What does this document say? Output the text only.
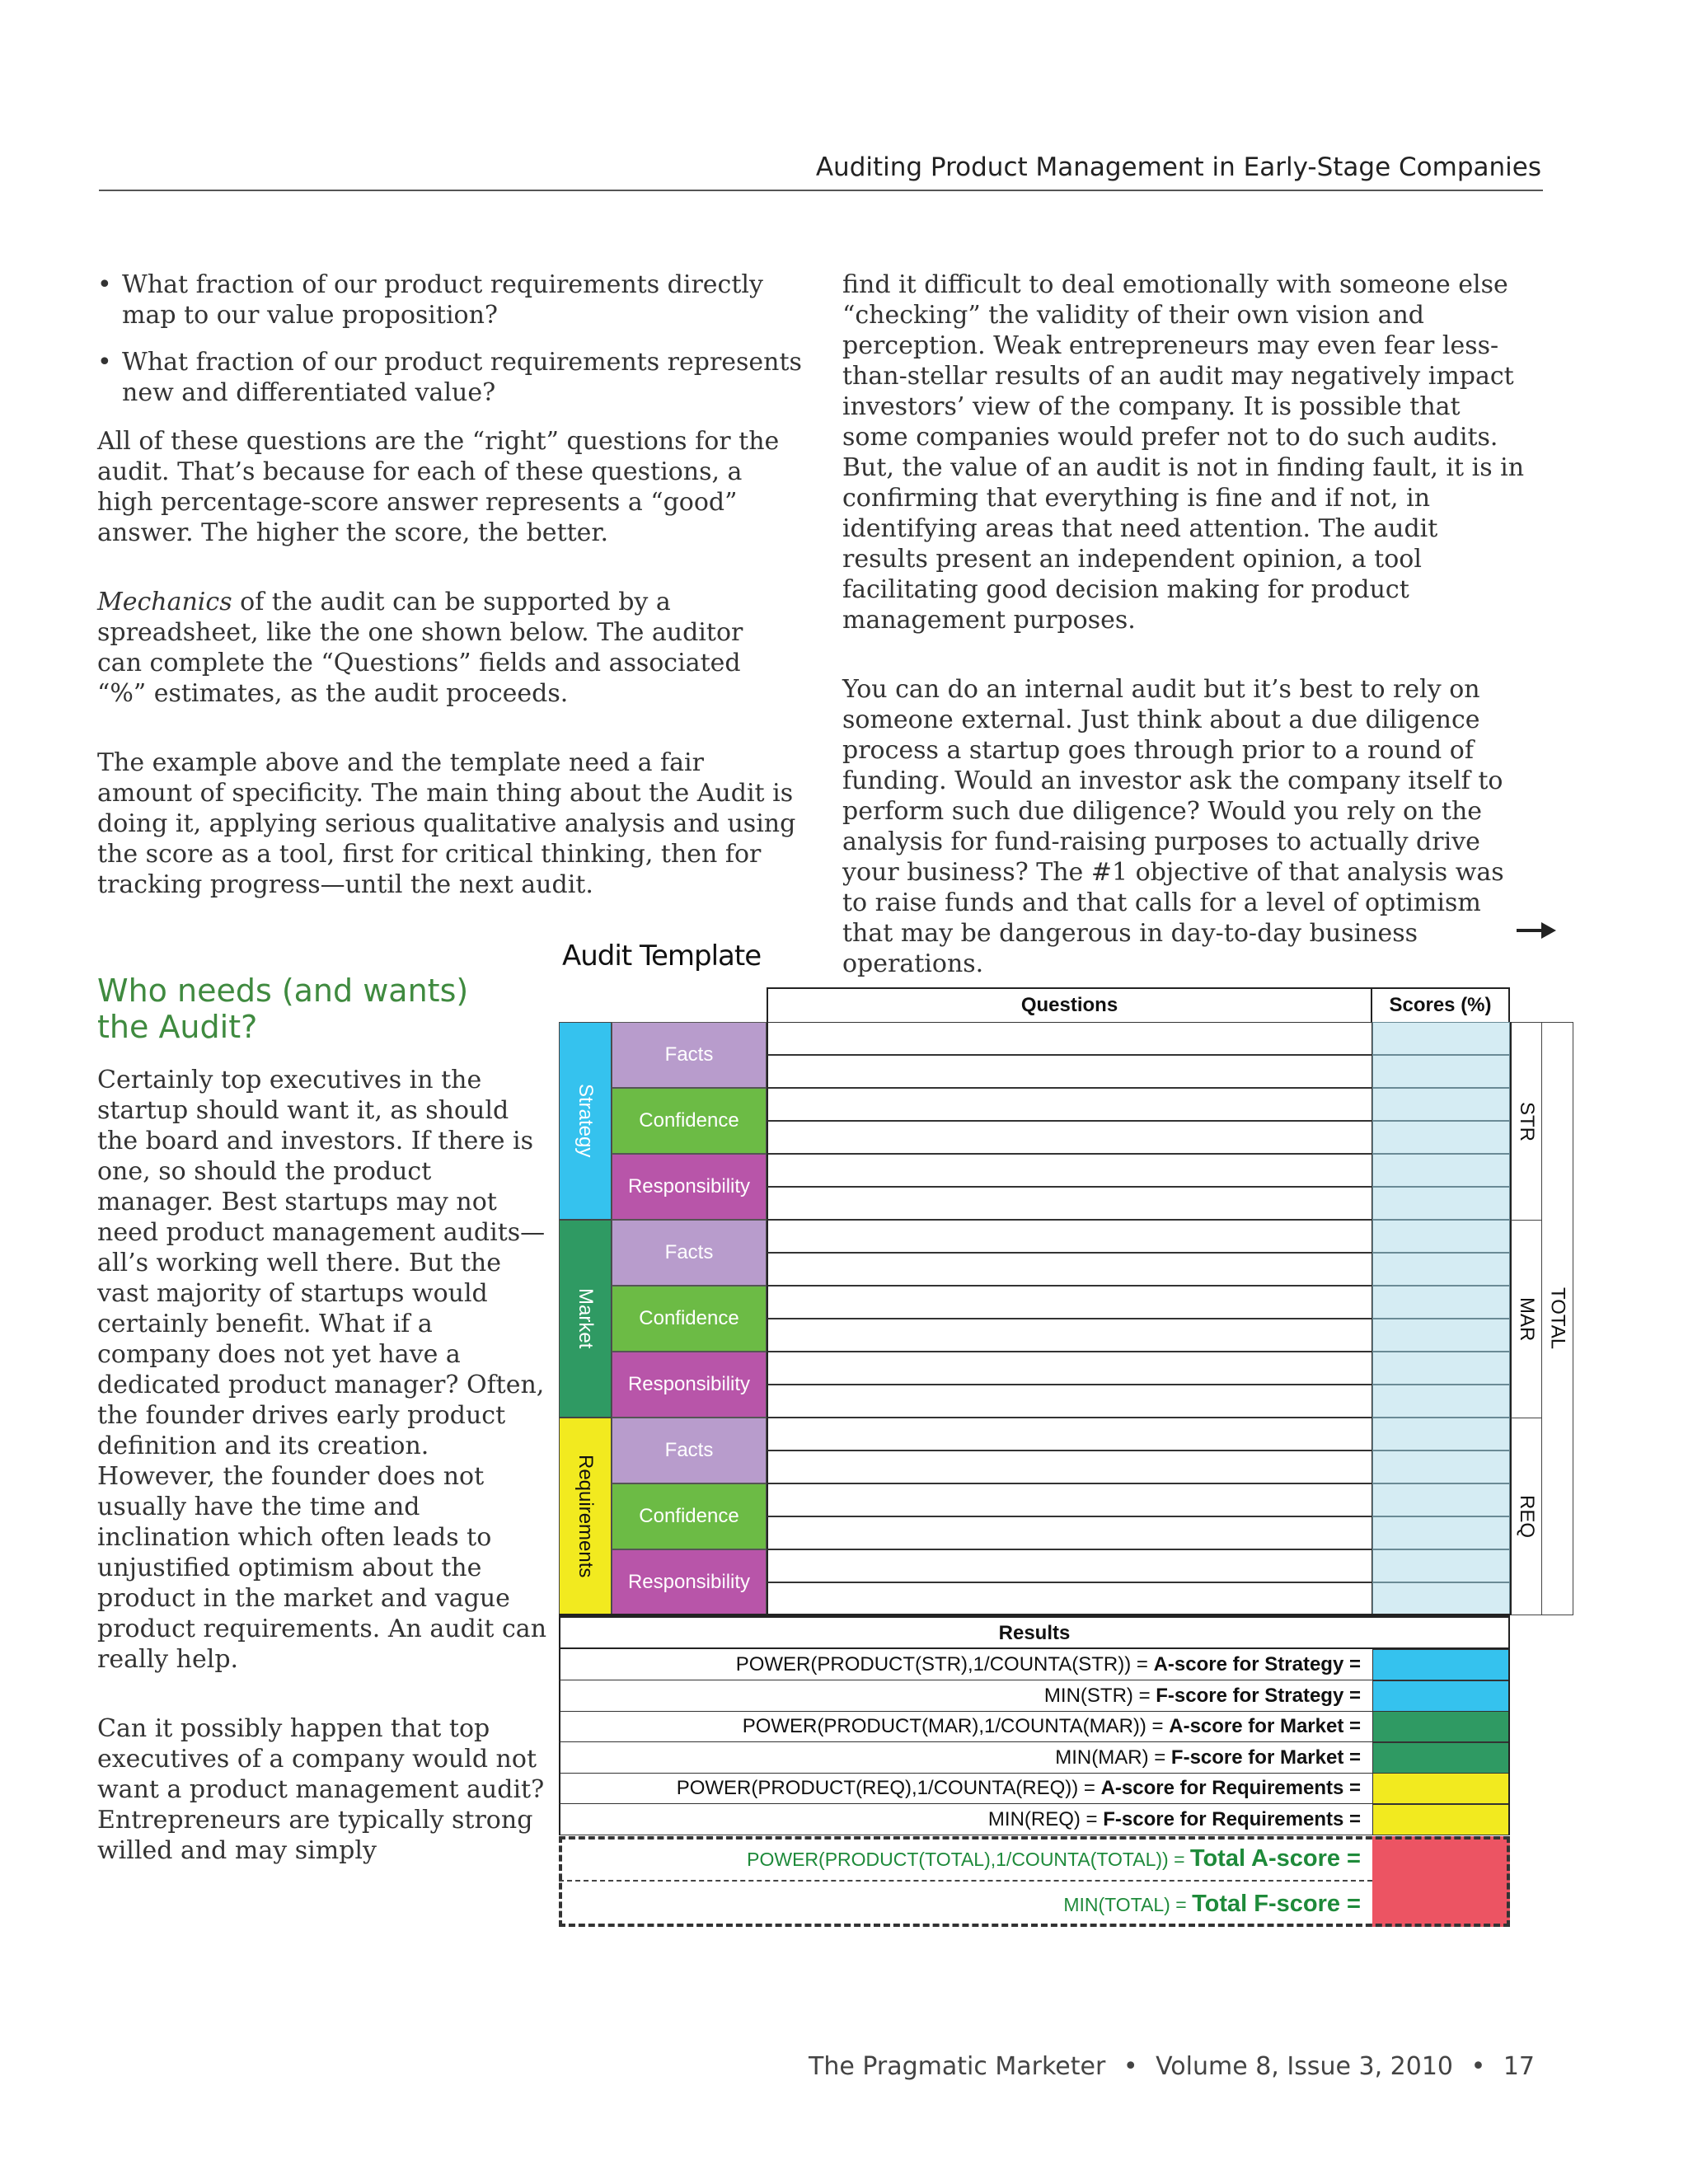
Auditing Product Management in Early-Stage Companies
• What fraction of our product requirements directly map to our value proposition?
• What fraction of our product requirements represents new and differentiated value?

All of these questions are the “right” questions for the audit. That’s because for each of these questions, a high percentage-score answer represents a “good” answer. The higher the score, the better.

Mechanics of the audit can be supported by a spreadsheet, like the one shown below. The auditor can complete the “Questions” fields and associated “%” estimates, as the audit proceeds.

The example above and the template need a fair amount of specificity. The main thing about the Audit is doing it, applying serious qualitative analysis and using the score as a tool, first for critical thinking, then for tracking progress—until the next audit.

Who needs (and wants) the Audit?

Certainly top executives in the startup should want it, as should the board and investors. If there is one, so should the product manager. Best startups may not need product management audits—all’s working well there. But the vast majority of startups would certainly benefit. What if a company does not yet have a dedicated product manager? Often, the founder drives early product definition and its creation. However, the founder does not usually have the time and inclination which often leads to unjustified optimism about the product in the market and vague product requirements. An audit can really help.

Can it possibly happen that top executives of a company would not want a product management audit? Entrepreneurs are typically strong willed and may simply

find it difficult to deal emotionally with someone else “checking” the validity of their own vision and perception. Weak entrepreneurs may even fear less-than-stellar results of an audit may negatively impact investors’ view of the company. It is possible that some companies would prefer not to do such audits. But, the value of an audit is not in finding fault, it is in confirming that everything is fine and if not, in identifying areas that need attention. The audit results present an independent opinion, a tool facilitating good decision making for product management purposes.

You can do an internal audit but it’s best to rely on someone external. Just think about a due diligence process a startup goes through prior to a round of funding. Would an investor ask the company itself to perform such due diligence? Would you rely on the analysis for fund-raising purposes to actually drive your business? The #1 objective of that analysis was to raise funds and that calls for a level of optimism that may be dangerous in day-to-day business operations.

Audit Template
Questions	Scores (%)
Strategy
Facts
Confidence
Responsibility
STR
Market
Facts
Confidence
Responsibility
MAR
Requirements
Facts
Confidence
Responsibility
REQ
TOTAL
Results
POWER(PRODUCT(STR),1/COUNTA(STR)) = A-score for Strategy =
MIN(STR) = F-score for Strategy =
POWER(PRODUCT(MAR),1/COUNTA(MAR)) = A-score for Market =
MIN(MAR) = F-score for Market =
POWER(PRODUCT(REQ),1/COUNTA(REQ)) = A-score for Requirements =
MIN(REQ) = F-score for Requirements =
POWER(PRODUCT(TOTAL),1/COUNTA(TOTAL)) = Total A-score =
MIN(TOTAL) = Total F-score =
The Pragmatic Marketer • Volume 8, Issue 3, 2010 • 17
